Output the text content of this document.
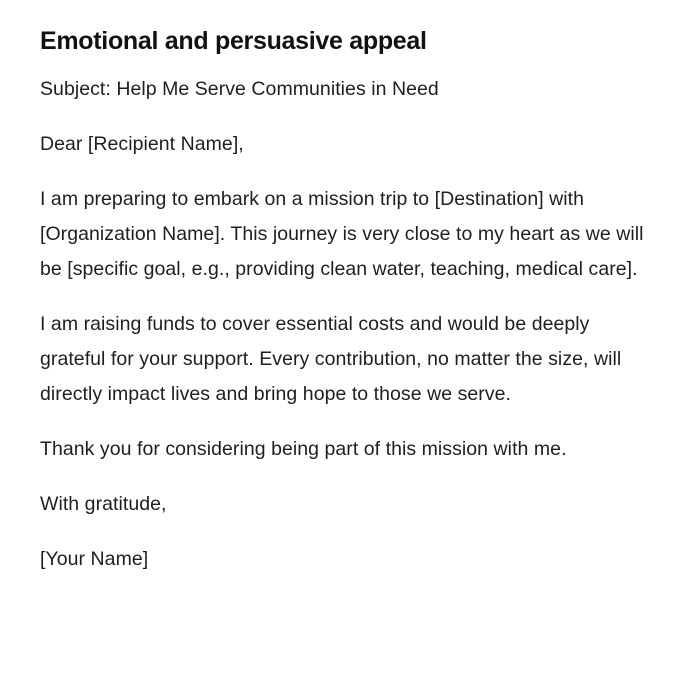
Emotional and persuasive appeal

Subject: Help Me Serve Communities in Need

Dear [Recipient Name],

I am preparing to embark on a mission trip to [Destination] with [Organization Name]. This journey is very close to my heart as we will be [specific goal, e.g., providing clean water, teaching, medical care].

I am raising funds to cover essential costs and would be deeply grateful for your support. Every contribution, no matter the size, will directly impact lives and bring hope to those we serve.

Thank you for considering being part of this mission with me.

With gratitude,

[Your Name]
